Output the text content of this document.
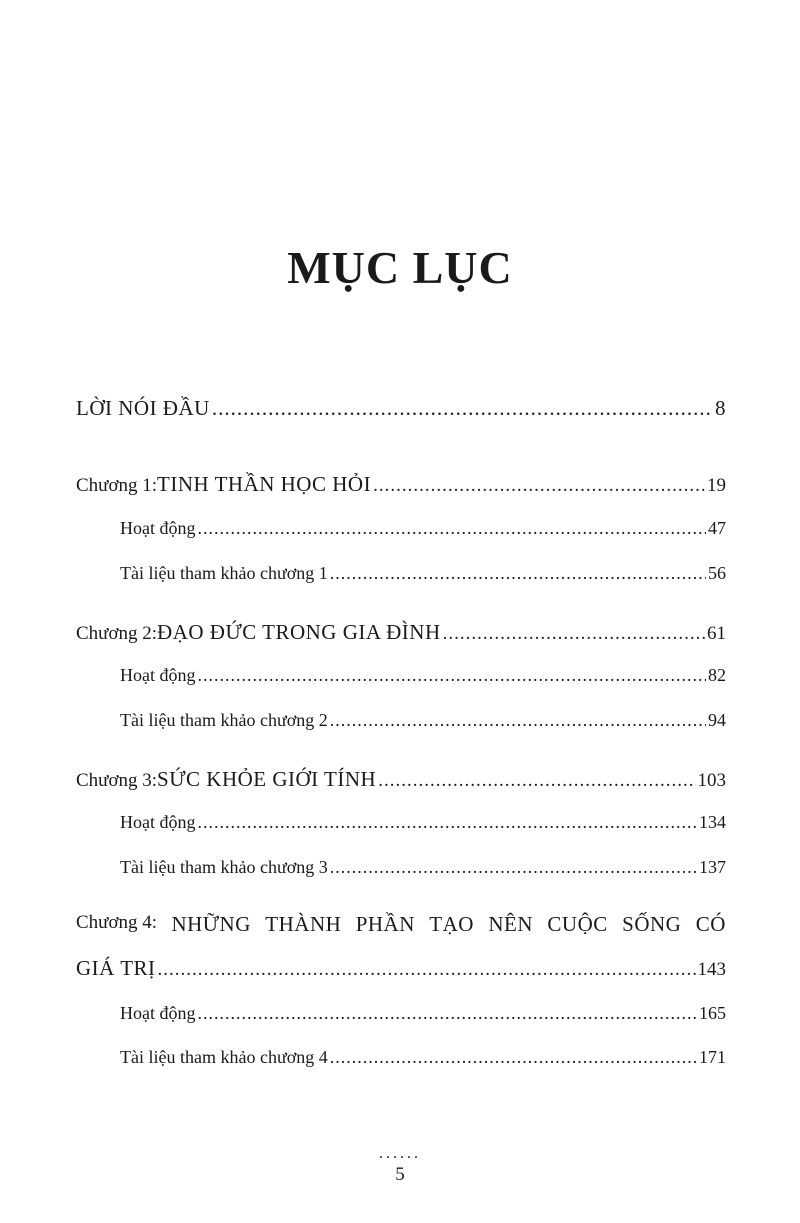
MỤC LỤC
LỜI NÓI ĐẦU .....	8
Chương 1: TINH THẦN HỌC HỎI .....	19
Hoạt động .....	47
Tài liệu tham khảo chương 1 .....	56
Chương 2: ĐẠO ĐỨC TRONG GIA ĐÌNH .....	61
Hoạt động .....	82
Tài liệu tham khảo chương 2 .....	94
Chương 3: SỨC KHỎE GIỚI TÍNH .....	103
Hoạt động .....	134
Tài liệu tham khảo chương 3 .....	137
Chương 4: NHỮNG THÀNH PHẦN TẠO NÊN CUỘC SỐNG CÓ
GIÁ TRỊ .....	143
Hoạt động .....	165
Tài liệu tham khảo chương 4 .....	171
......
5
